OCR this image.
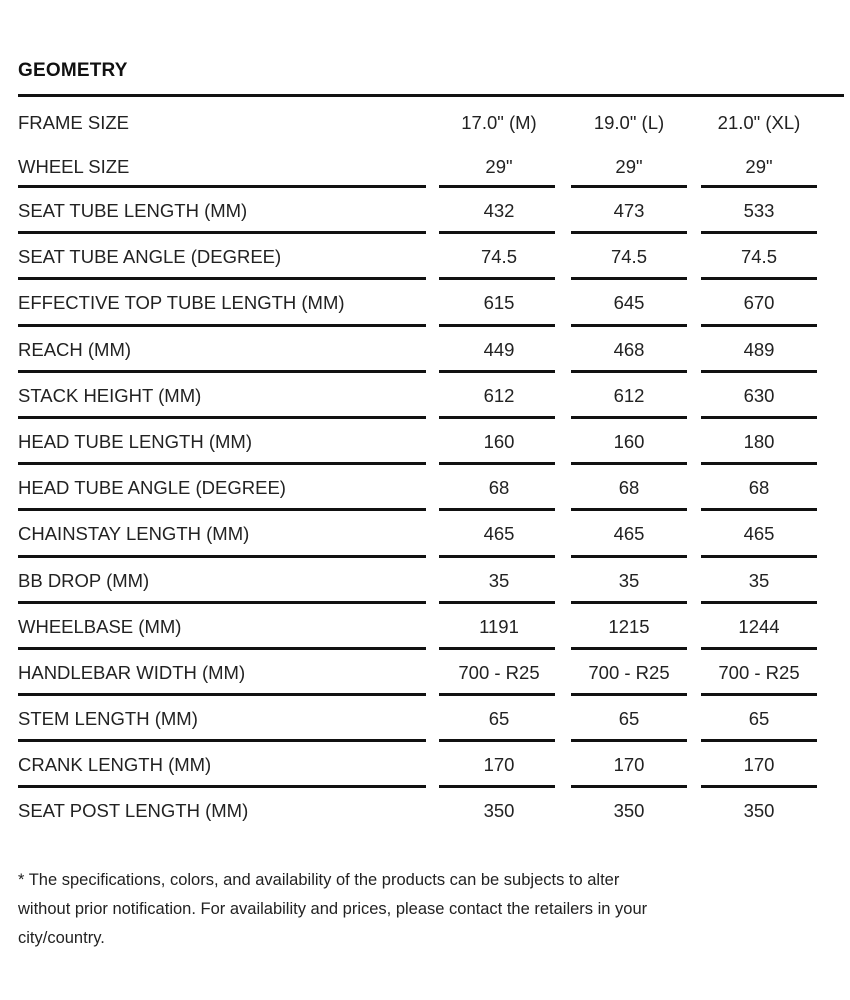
GEOMETRY
FRAME SIZE	17.0" (M)	19.0" (L)	21.0" (XL)
WHEEL SIZE	29"	29"	29"
SEAT TUBE LENGTH (MM)	432	473	533
SEAT TUBE ANGLE (DEGREE)	74.5	74.5	74.5
EFFECTIVE TOP TUBE LENGTH (MM)	615	645	670
REACH (MM)	449	468	489
STACK HEIGHT (MM)	612	612	630
HEAD TUBE LENGTH (MM)	160	160	180
HEAD TUBE ANGLE (DEGREE)	68	68	68
CHAINSTAY LENGTH (MM)	465	465	465
BB DROP (MM)	35	35	35
WHEELBASE (MM)	1191	1215	1244
HANDLEBAR WIDTH (MM)	700 - R25	700 - R25	700 - R25
STEM LENGTH (MM)	65	65	65
CRANK LENGTH (MM)	170	170	170
SEAT POST LENGTH (MM)	350	350	350
* The specifications, colors, and availability of the products can be subjects to alter without prior notification. For availability and prices, please contact the retailers in your city/country.
